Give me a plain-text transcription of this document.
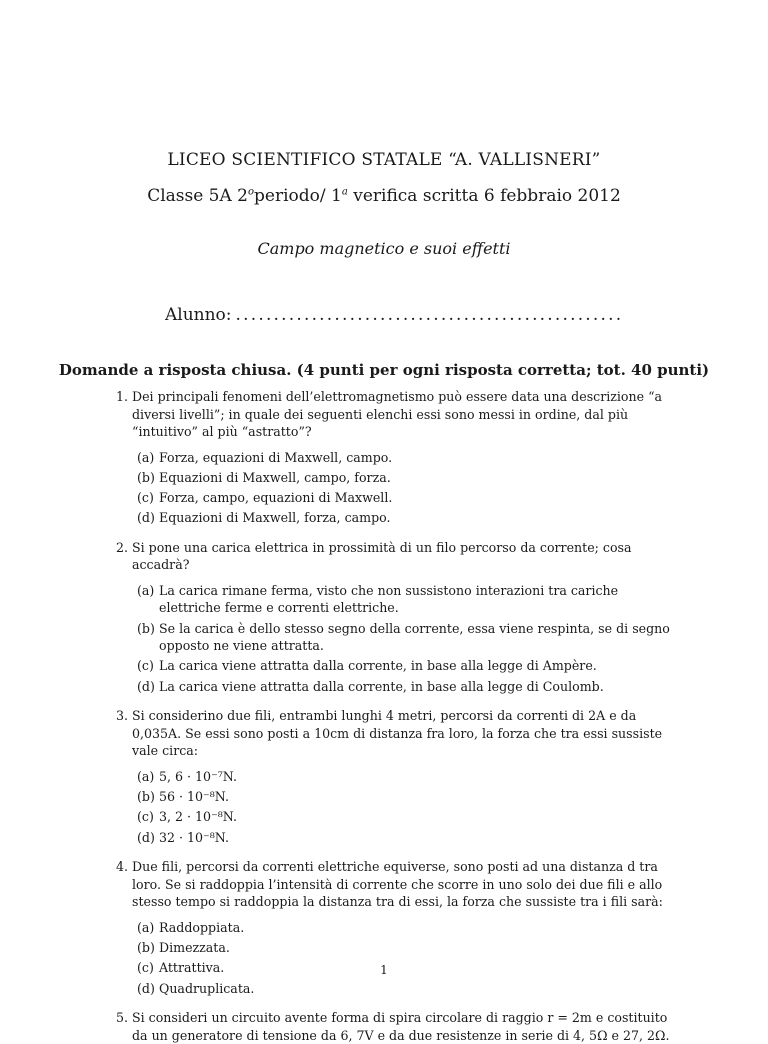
LICEO SCIENTIFICO STATALE “A. VALLISNERI”
Classe 5A 2$^o$periodo/ 1$^a$ verifica scritta 6 febbraio 2012
Campo magnetico e suoi effetti
Alunno: ...................................................
Domande a risposta chiusa. (4 punti per ogni risposta corretta; tot. 40 punti)
1. Dei principali fenomeni dell’elettromagnetismo può essere data una descrizione “a diversi livelli”; in quale dei seguenti elenchi essi sono messi in ordine, dal più “intuitivo” al più “astratto”?
(a) Forza, equazioni di Maxwell, campo.
(b) Equazioni di Maxwell, campo, forza.
(c) Forza, campo, equazioni di Maxwell.
(d) Equazioni di Maxwell, forza, campo.
2. Si pone una carica elettrica in prossimità di un filo percorso da corrente; cosa accadrà?
(a) La carica rimane ferma, visto che non sussistono interazioni tra cariche elettriche ferme e correnti elettriche.
(b) Se la carica è dello stesso segno della corrente, essa viene respinta, se di segno opposto ne viene attratta.
(c) La carica viene attratta dalla corrente, in base alla legge di Ampère.
(d) La carica viene attratta dalla corrente, in base alla legge di Coulomb.
3. Si considerino due fili, entrambi lunghi 4 metri, percorsi da correnti di 2A e da 0,035A. Se essi sono posti a 10cm di distanza fra loro, la forza che tra essi sussiste vale circa:
(a) 5, 6 · 10⁻⁷N.
(b) 56 · 10⁻⁸N.
(c) 3, 2 · 10⁻⁸N.
(d) 32 · 10⁻⁸N.
4. Due fili, percorsi da correnti elettriche equiverse, sono posti ad una distanza d tra loro. Se si raddoppia l’intensità di corrente che scorre in uno solo dei due fili e allo stesso tempo si raddoppia la distanza tra di essi, la forza che sussiste tra i fili sarà:
(a) Raddoppiata.
(b) Dimezzata.
(c) Attrattiva.
(d) Quadruplicata.
5. Si consideri un circuito avente forma di spira circolare di raggio r = 2m e costituito da un generatore di tensione da 6, 7V e da due resistenze in serie di 4, 5Ω e 27, 2Ω.
1
